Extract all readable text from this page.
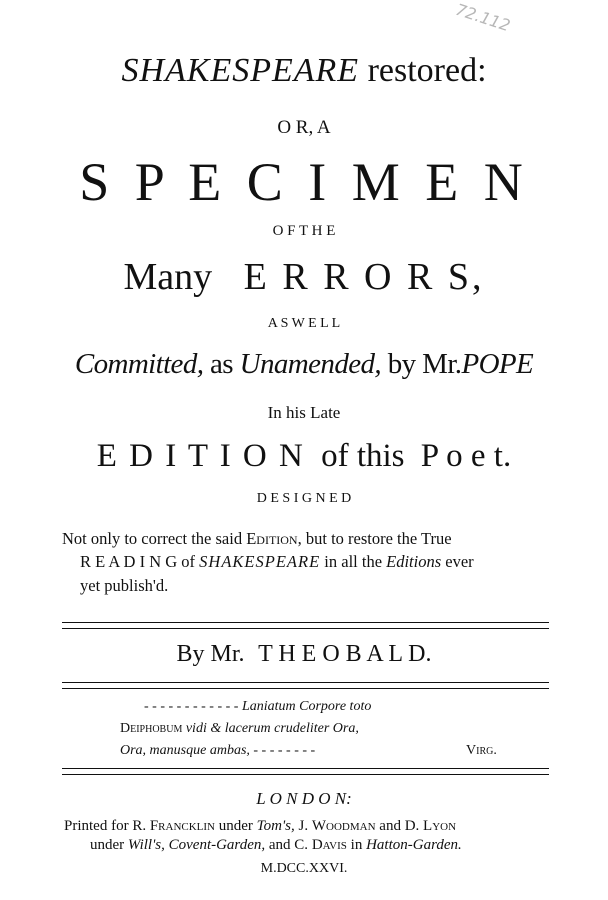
72.112
SHAKESPEARE restored:
O R, A
S P E C I M E N
O F T H E
Many E R R O R S,
A S W E L L
Committed, as Unamended, by Mr.POPE
In his Late
E D I T I O N of this P o e t.
D E S I G N E D
Not only to correct the said Edition, but to restore the True
R E A D I N G of SHAKESPEARE in all the Editions ever
yet publish'd.
By Mr. T H E O B A L D.
- - - - - - - - - - - - Laniatum Corpore toto
Deiphobum vidi & lacerum crudeliter Ora,
Ora, manusque ambas, - - - - - - - -	Virg.
L O N D O N:
Printed for R. Francklin under Tom's, J. Woodman and D. Lyon
under Will's, Covent-Garden, and C. Davis in Hatton-Garden.
M.DCC.XXVI.
